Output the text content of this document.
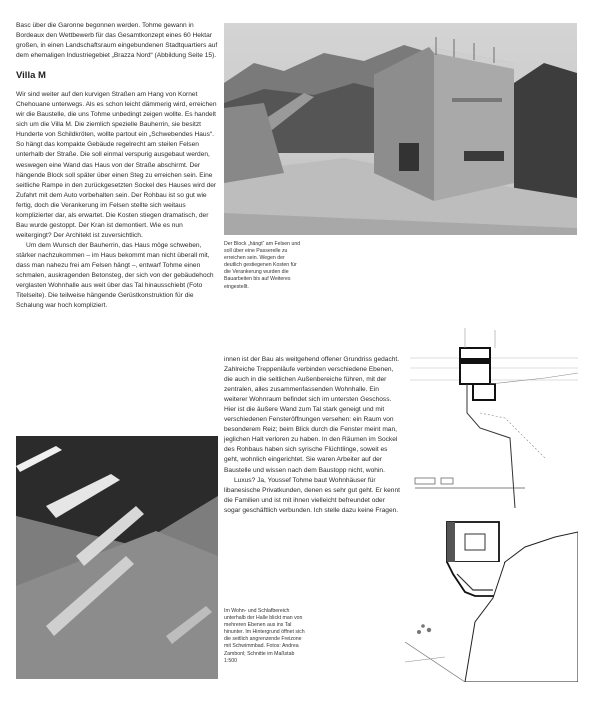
Basc über die Garonne begonnen werden. Tohme gewann in Bordeaux den Wettbewerb für das Gesamtkonzept eines 60 Hektar großen, in einen Landschaftsraum eingebundenen Stadtquartiers auf dem ehemaligen Industriegebiet „Brazza Nord“ (Abbildung Seite 15).

Villa M

Wir sind weiter auf den kurvigen Straßen am Hang von Kornet Chehouane unterwegs. Als es schon leicht dämmerig wird, erreichen wir die Baustelle, die uns Tohme unbedingt zeigen wollte. Es handelt sich um die Villa M. Die ziemlich spezielle Bauherrin, sie besitzt Hunderte von Schildkröten, wollte partout ein „Schwebendes Haus“. So hängt das kompakte Gebäude regelrecht am steilen Felsen unterhalb der Straße. Die soll einmal verspurig ausgebaut werden, weswegen eine Wand das Haus von der Straße abschirmt. Der hängende Block soll später über einen Steg zu erreichen sein. Eine seitliche Rampe in den zurückgesetzten Sockel des Hauses wird der Zufahrt mit dem Auto vorbehalten sein. Der Rohbau ist so gut wie fertig, doch die Verankerung im Felsen stellte sich weitaus komplizierter dar, als erwartet. Die Kosten stiegen dramatisch, der Bau wurde gestoppt. Der Kran ist demontiert. Wie es nun weitergingt? Der Architekt ist zuversichtlich.

Um dem Wunsch der Bauherrin, das Haus möge schweben, stärker nachzukommen – im Haus bekommt man nicht überall mit, dass man nahezu frei am Felsen hängt –, entwarf Tohme einen schmalen, auskragenden Betonsteg, der sich von der gebäudehoch verglasten Wohnhalle aus weit über das Tal hinausschiebt (Foto Titelseite). Die teilweise hängende Gerüstkonstruktion für die Schalung war hoch kompliziert.

Der Block „hängt“ am Felsen und soll über eine Passerelle zu erreichen sein. Wegen der deutlich gestiegenen Kosten für die Verankerung wurden die Bauarbeiten bis auf Weiteres eingestellt.

innen ist der Bau als weitgehend offener Grundriss gedacht. Zahlreiche Treppenläufe verbinden verschiedene Ebenen, die auch in die seitlichen Außenbereiche führen, mit der zentralen, alles zusammenfassenden Wohnhalle. Ein weiterer Wohnraum befindet sich im untersten Geschoss. Hier ist die äußere Wand zum Tal stark geneigt und mit verschiedenen Fensteröffnungen versehen: ein Raum von besonderem Reiz; beim Blick durch die Fenster meint man, jeglichen Halt verloren zu haben. In den Räumen im Sockel des Rohbaus haben sich syrische Flüchtlinge, soweit es geht, wohnlich eingerichtet. Sie waren Arbeiter auf der Baustelle und wissen nach dem Baustopp nicht, wohin.

Luxus? Ja, Youssef Tohme baut Wohnhäuser für libanesische Privatkunden, denen es sehr gut geht. Er kennt die Familien und ist mit ihnen vielleicht befreundet oder sogar geschäftlich verbunden. Ich stelle dazu keine Fragen.

Im Wohn- und Schlafbereich unterhalb der Halle blickt man von mehreren Ebenen aus ins Tal hinunter. Im Hintergrund öffnet sich die seitlich angrenzende Freizone mit Schwimmbad. Fotos: Andrea Zambonl; Schnitte im Maßstab 1:500
